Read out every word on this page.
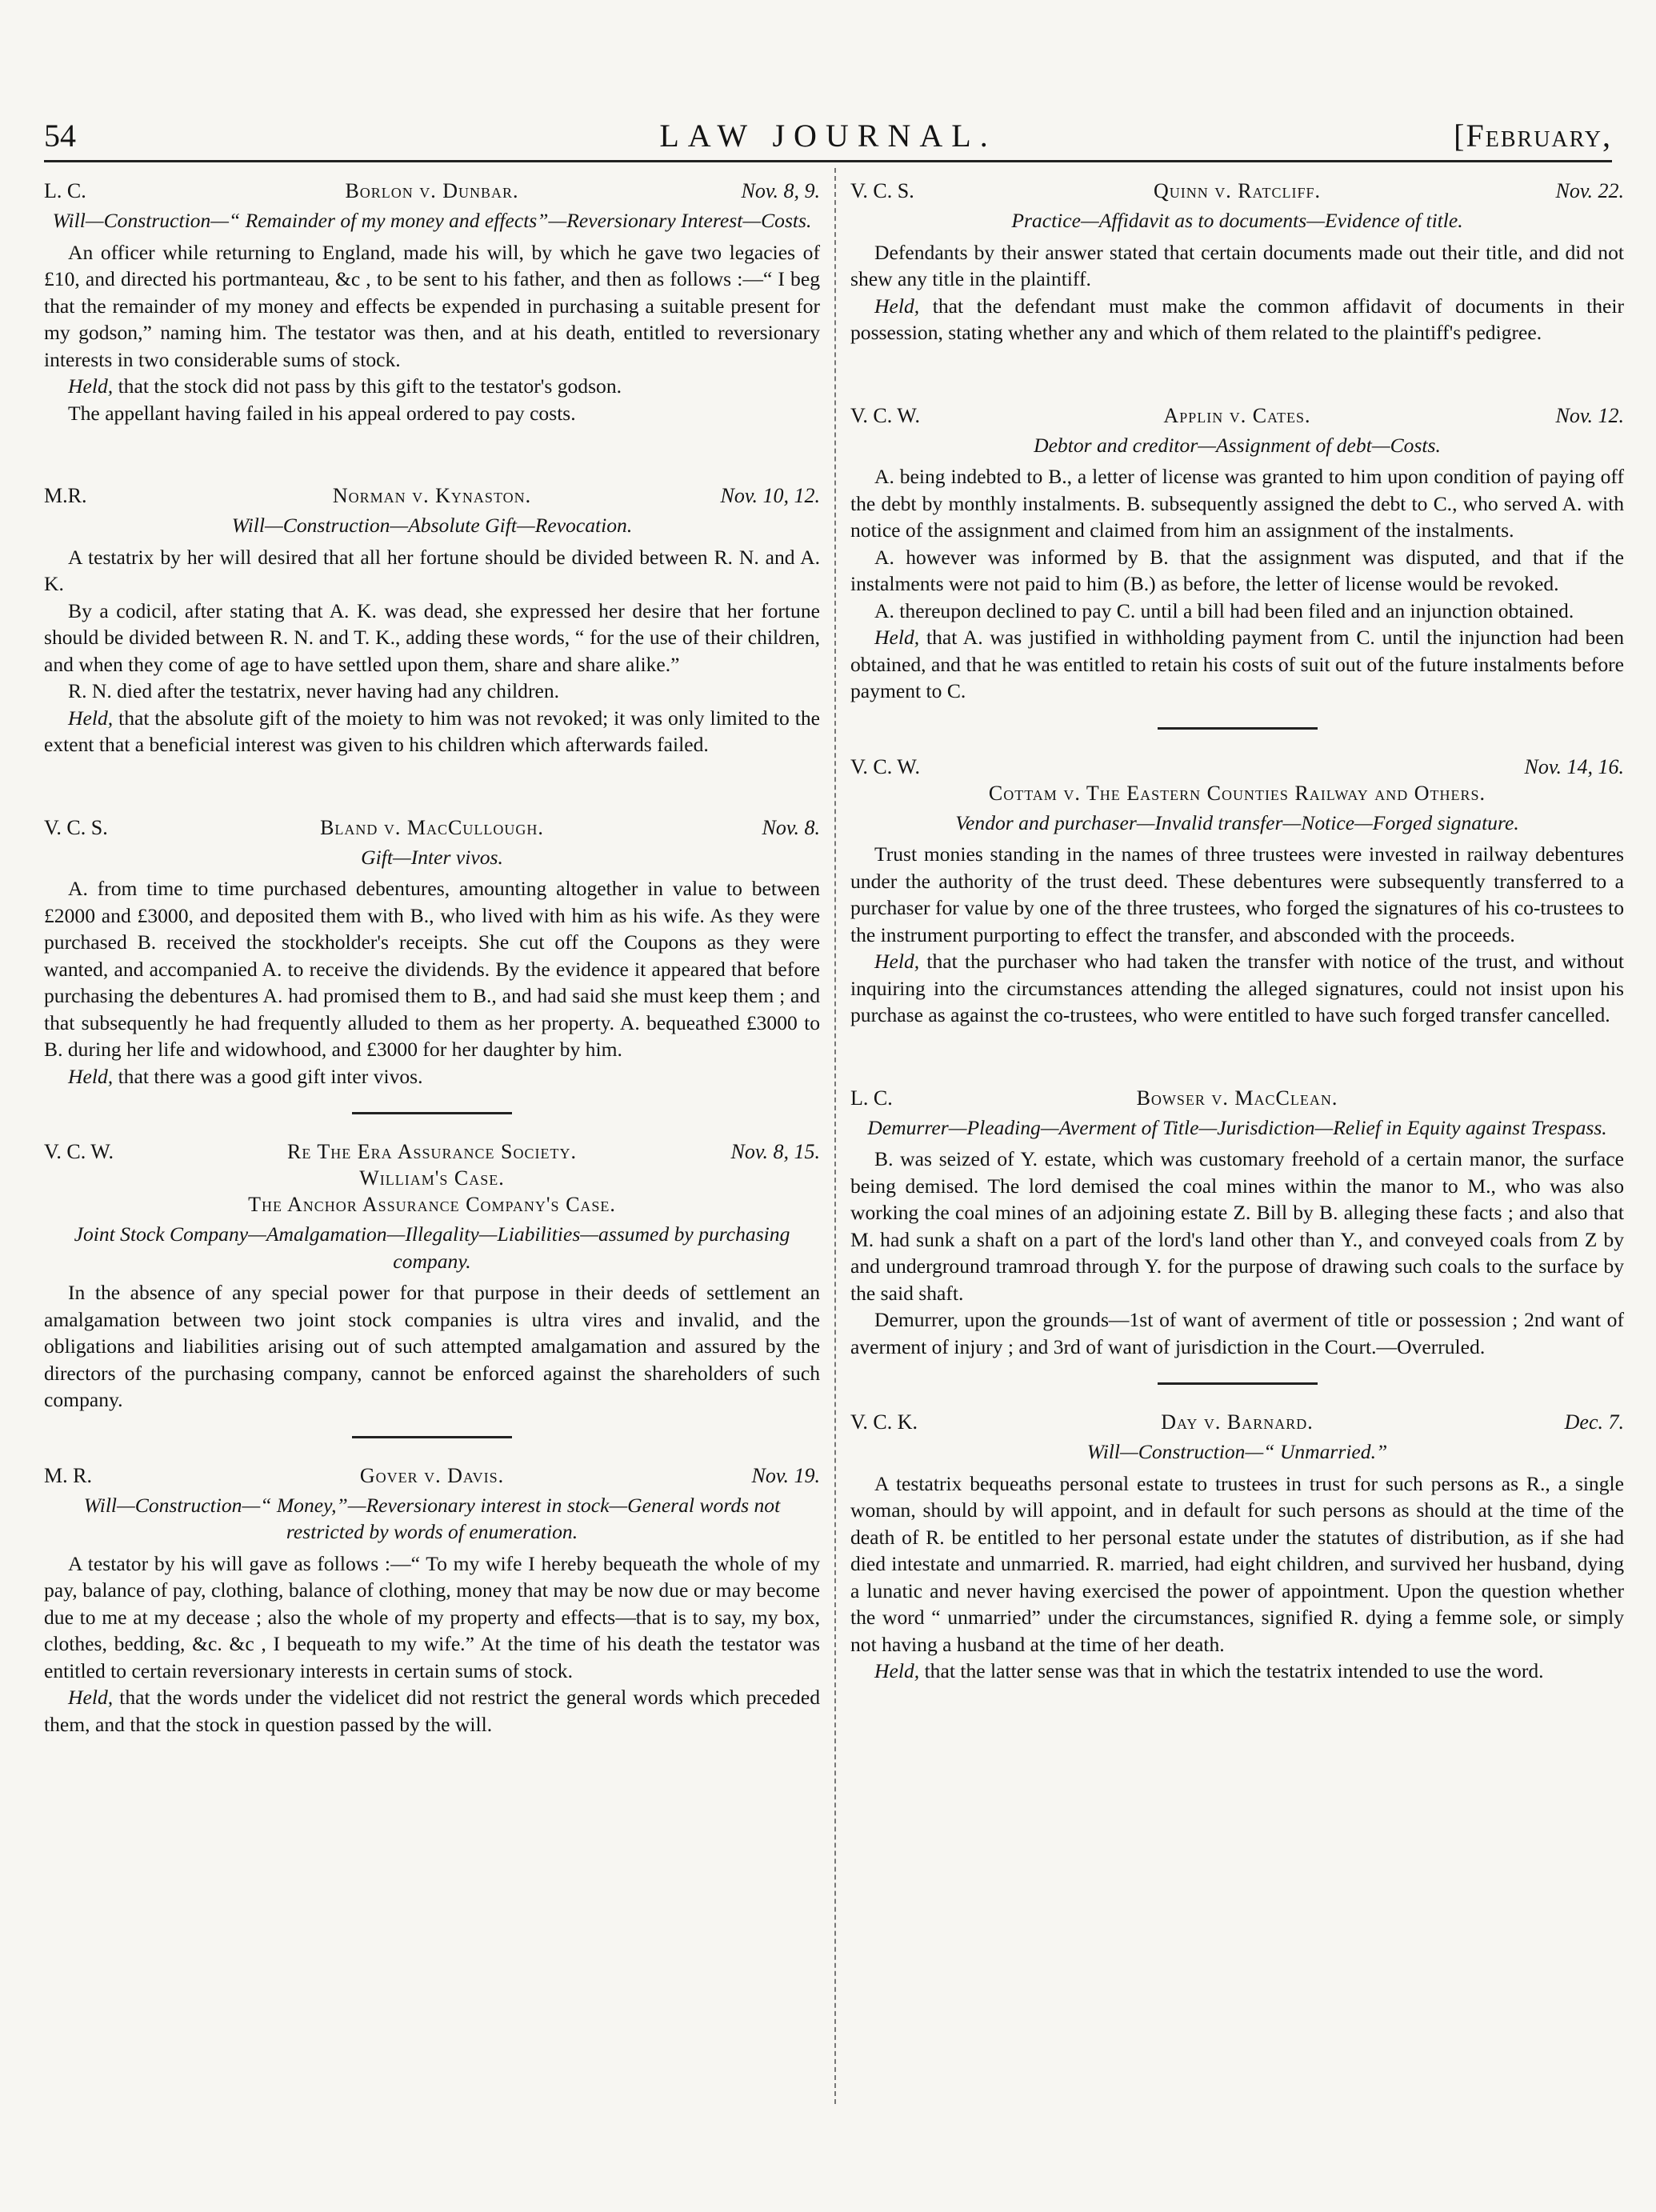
54	LAW JOURNAL.	[February,
L. C.	Borlon v. Dunbar.	Nov. 8, 9.
Will—Construction—“ Remainder of my money and effects”—Reversionary Interest—Costs.

An officer while returning to England, made his will, by which he gave two legacies of £10, and directed his portmanteau, &c , to be sent to his father, and then as follows :—“ I beg that the remainder of my money and effects be expended in purchasing a suitable present for my godson,” naming him. The testator was then, and at his death, entitled to reversionary interests in two considerable sums of stock.

Held, that the stock did not pass by this gift to the testator's godson.

The appellant having failed in his appeal ordered to pay costs.

M.R.	Norman v. Kynaston.	Nov. 10, 12.
Will—Construction—Absolute Gift—Revocation.

A testatrix by her will desired that all her fortune should be divided between R. N. and A. K.

By a codicil, after stating that A. K. was dead, she expressed her desire that her fortune should be divided between R. N. and T. K., adding these words, “ for the use of their children, and when they come of age to have settled upon them, share and share alike.”

R. N. died after the testatrix, never having had any children.

Held, that the absolute gift of the moiety to him was not revoked; it was only limited to the extent that a beneficial interest was given to his children which afterwards failed.

V. C. S.	Bland v. MacCullough.	Nov. 8.
Gift—Inter vivos.

A. from time to time purchased debentures, amounting altogether in value to between £2000 and £3000, and deposited them with B., who lived with him as his wife. As they were purchased B. received the stockholder's receipts. She cut off the Coupons as they were wanted, and accompanied A. to receive the dividends. By the evidence it appeared that before purchasing the debentures A. had promised them to B., and had said she must keep them ; and that subsequently he had frequently alluded to them as her property. A. bequeathed £3000 to B. during her life and widowhood, and £3000 for her daughter by him.

Held, that there was a good gift inter vivos.

V. C. W.	Re The Era Assurance Society.	Nov. 8, 15.
William's Case.
The Anchor Assurance Company's Case.
Joint Stock Company—Amalgamation—Illegality—Liabilities—assumed by purchasing company.

In the absence of any special power for that purpose in their deeds of settlement an amalgamation between two joint stock companies is ultra vires and invalid, and the obligations and liabilities arising out of such attempted amalgamation and assured by the directors of the purchasing company, cannot be enforced against the shareholders of such company.

M. R.	Gover v. Davis.	Nov. 19.
Will—Construction—“ Money,”—Reversionary interest in stock—General words not restricted by words of enumeration.

A testator by his will gave as follows :—“ To my wife I hereby bequeath the whole of my pay, balance of pay, clothing, balance of clothing, money that may be now due or may become due to me at my decease ; also the whole of my property and effects—that is to say, my box, clothes, bedding, &c. &c , I bequeath to my wife.” At the time of his death the testator was entitled to certain reversionary interests in certain sums of stock.

Held, that the words under the videlicet did not restrict the general words which preceded them, and that the stock in question passed by the will.

V. C. S.	Quinn v. Ratcliff.	Nov. 22.
Practice—Affidavit as to documents—Evidence of title.

Defendants by their answer stated that certain documents made out their title, and did not shew any title in the plaintiff.

Held, that the defendant must make the common affidavit of documents in their possession, stating whether any and which of them related to the plaintiff's pedigree.

V. C. W.	Applin v. Cates.	Nov. 12.
Debtor and creditor—Assignment of debt—Costs.

A. being indebted to B., a letter of license was granted to him upon condition of paying off the debt by monthly instalments. B. subsequently assigned the debt to C., who served A. with notice of the assignment and claimed from him an assignment of the instalments.

A. however was informed by B. that the assignment was disputed, and that if the instalments were not paid to him (B.) as before, the letter of license would be revoked.

A. thereupon declined to pay C. until a bill had been filed and an injunction obtained.

Held, that A. was justified in withholding payment from C. until the injunction had been obtained, and that he was entitled to retain his costs of suit out of the future instalments before payment to C.

V. C. W.	Nov. 14, 16.
Cottam v. The Eastern Counties Railway and Others.
Vendor and purchaser—Invalid transfer—Notice—Forged signature.

Trust monies standing in the names of three trustees were invested in railway debentures under the authority of the trust deed. These debentures were subsequently transferred to a purchaser for value by one of the three trustees, who forged the signatures of his co-trustees to the instrument purporting to effect the transfer, and absconded with the proceeds.

Held, that the purchaser who had taken the transfer with notice of the trust, and without inquiring into the circumstances attending the alleged signatures, could not insist upon his purchase as against the co-trustees, who were entitled to have such forged transfer cancelled.

L. C.	Bowser v. MacClean.
Demurrer—Pleading—Averment of Title—Jurisdiction—Relief in Equity against Trespass.

B. was seized of Y. estate, which was customary freehold of a certain manor, the surface being demised. The lord demised the coal mines within the manor to M., who was also working the coal mines of an adjoining estate Z. Bill by B. alleging these facts ; and also that M. had sunk a shaft on a part of the lord's land other than Y., and conveyed coals from Z by and underground tramroad through Y. for the purpose of drawing such coals to the surface by the said shaft.

Demurrer, upon the grounds—1st of want of averment of title or possession ; 2nd want of averment of injury ; and 3rd of want of jurisdiction in the Court.—Overruled.

V. C. K.	Day v. Barnard.	Dec. 7.
Will—Construction—“ Unmarried.”

A testatrix bequeaths personal estate to trustees in trust for such persons as R., a single woman, should by will appoint, and in default for such persons as should at the time of the death of R. be entitled to her personal estate under the statutes of distribution, as if she had died intestate and unmarried. R. married, had eight children, and survived her husband, dying a lunatic and never having exercised the power of appointment. Upon the question whether the word “ unmarried” under the circumstances, signified R. dying a femme sole, or simply not having a husband at the time of her death.

Held, that the latter sense was that in which the testatrix intended to use the word.
